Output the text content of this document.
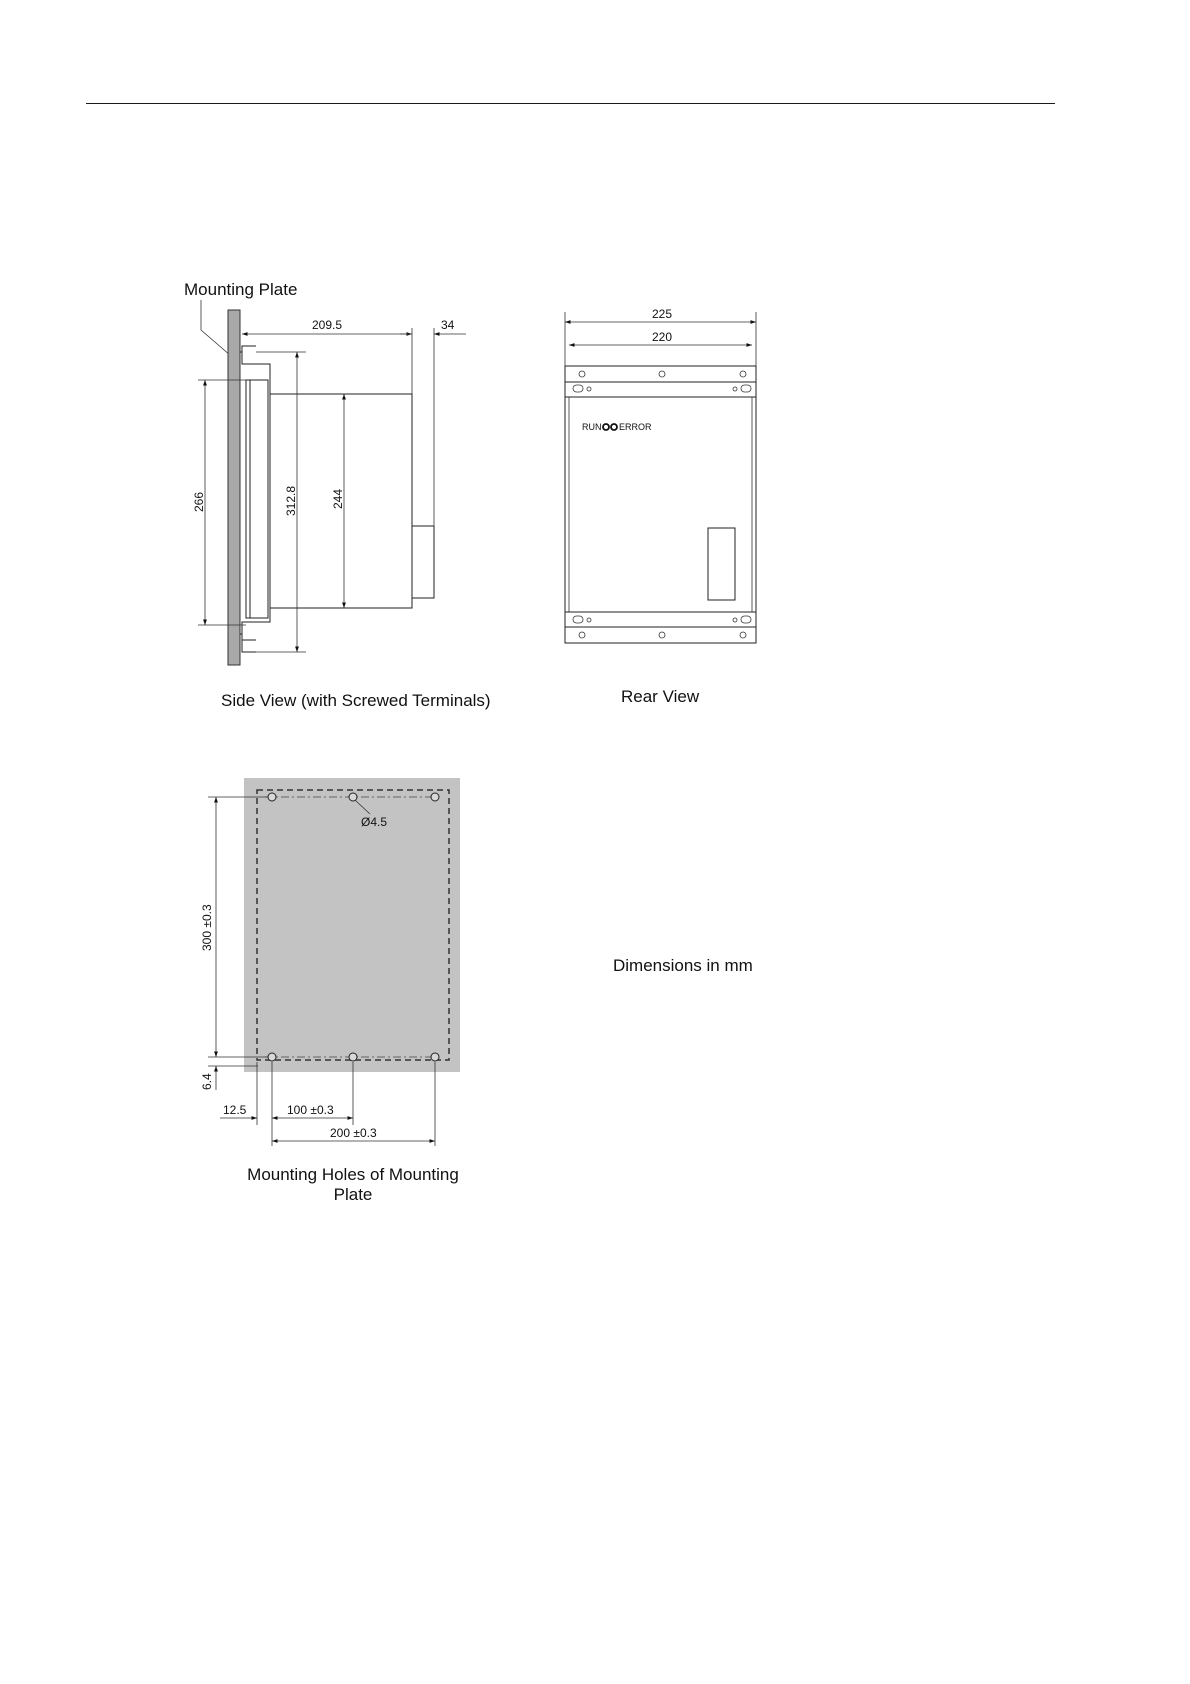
Mounting Plate
209.5	34
266	312.8	244
Side View (with Screwed Terminals)
225
220
RUN ERROR
Rear View
Ø4.5
300 ±0.3
6.4
12.5	100 ±0.3
200 ±0.3
Mounting Holes of Mounting
Plate
Dimensions in mm
